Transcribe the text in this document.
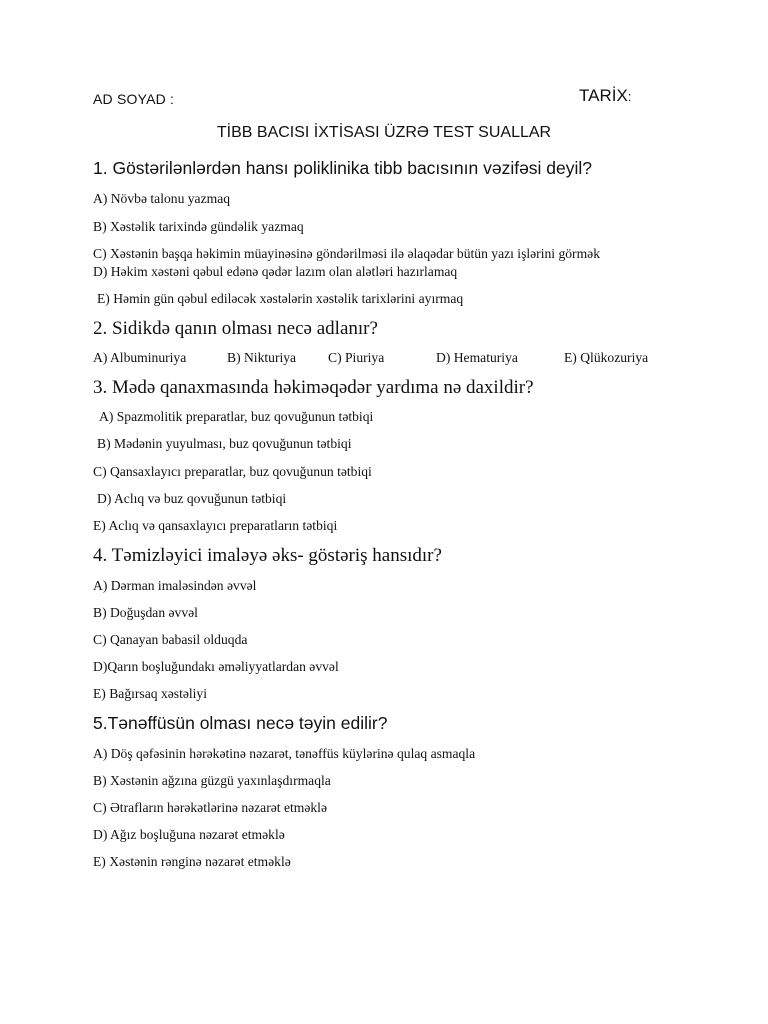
AD SOYAD :	TARİX:
TİBB BACISI İXTİSASI ÜZRƏ TEST SUALLAR
1. Göstərilənlərdən hansı poliklinika tibb bacısının vəzifəsi deyil?
A) Növbə talonu yazmaq
B) Xəstəlik tarixində gündəlik yazmaq
C) Xəstənin başqa həkimin müayinəsinə göndərilməsi ilə əlaqədar bütün yazı işlərini görmək
D) Həkim xəstəni qəbul edənə qədər lazım olan alətləri hazırlamaq
E) Həmin gün qəbul ediləcək xəstələrin xəstəlik tarixlərini ayırmaq
2. Sidikdə qanın olması necə adlanır?
A) Albuminuriya	B) Nikturiya C) Piuriya	D) Hematuriya	E) Qlükozuriya
3. Mədə qanaxmasında həkiməqədər yardıma nə daxildir?
A) Spazmolitik preparatlar, buz qovuğunun tətbiqi
B) Mədənin yuyulması, buz qovuğunun tətbiqi
C) Qansaxlayıcı preparatlar, buz qovuğunun tətbiqi
D) Aclıq və buz qovuğunun tətbiqi
E) Aclıq və qansaxlayıcı preparatların tətbiqi
4. Təmizləyici imaləyə əks- göstəriş hansıdır?
A) Dərman imaləsindən əvvəl
B) Doğuşdan əvvəl
C) Qanayan babasil olduqda
D)Qarın boşluğundakı əməliyyatlardan əvvəl
E) Bağırsaq xəstəliyi
5.Tənəffüsün olması necə təyin edilir?
A) Döş qəfəsinin hərəkətinə nəzarət, tənəffüs küylərinə qulaq asmaqla
B) Xəstənin ağzına güzgü yaxınlaşdırmaqla
C) Ətrafların hərəkətlərinə nəzarət etməklə
D) Ağız boşluğuna nəzarət etməklə
E) Xəstənin rənginə nəzarət etməklə
